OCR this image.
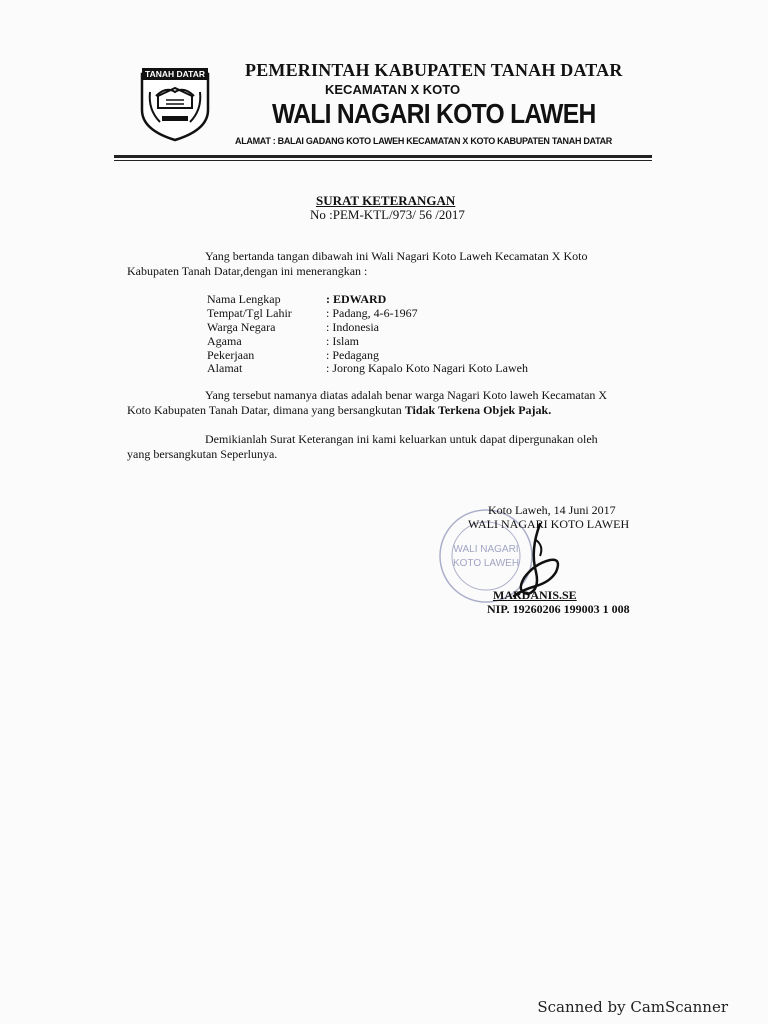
TANAH DATAR PEMERINTAH KABUPATEN TANAH DATAR
KECAMATAN X KOTO
WALI NAGARI KOTO LAWEH
ALAMAT : BALAI GADANG KOTO LAWEH KECAMATAN X KOTO KABUPATEN TANAH DATAR
SURAT KETERANGAN
No :PEM-KTL/973/ 56 /2017
Yang bertanda tangan dibawah ini Wali Nagari Koto Laweh Kecamatan X Koto
Kabupaten Tanah Datar,dengan ini menerangkan :
Nama Lengkap	: EDWARD
Tempat/Tgl Lahir	: Padang, 4-6-1967
Warga Negara	: Indonesia
Agama	: Islam
Pekerjaan	: Pedagang
Alamat	: Jorong Kapalo Koto Nagari Koto Laweh
Yang tersebut namanya diatas adalah benar warga Nagari Koto laweh Kecamatan X
Koto Kabupaten Tanah Datar, dimana yang bersangkutan Tidak Terkena Objek Pajak.
Demikianlah Surat Keterangan ini kami keluarkan untuk dapat dipergunakan oleh
yang bersangkutan Seperlunya.
WALI NAGARI
KOTO LAWEH
Koto Laweh, 14 Juni 2017
WALI NAGARI KOTO LAWEH
MARDANIS.SE
NIP. 19260206 199003 1 008
Scanned by CamScanner
